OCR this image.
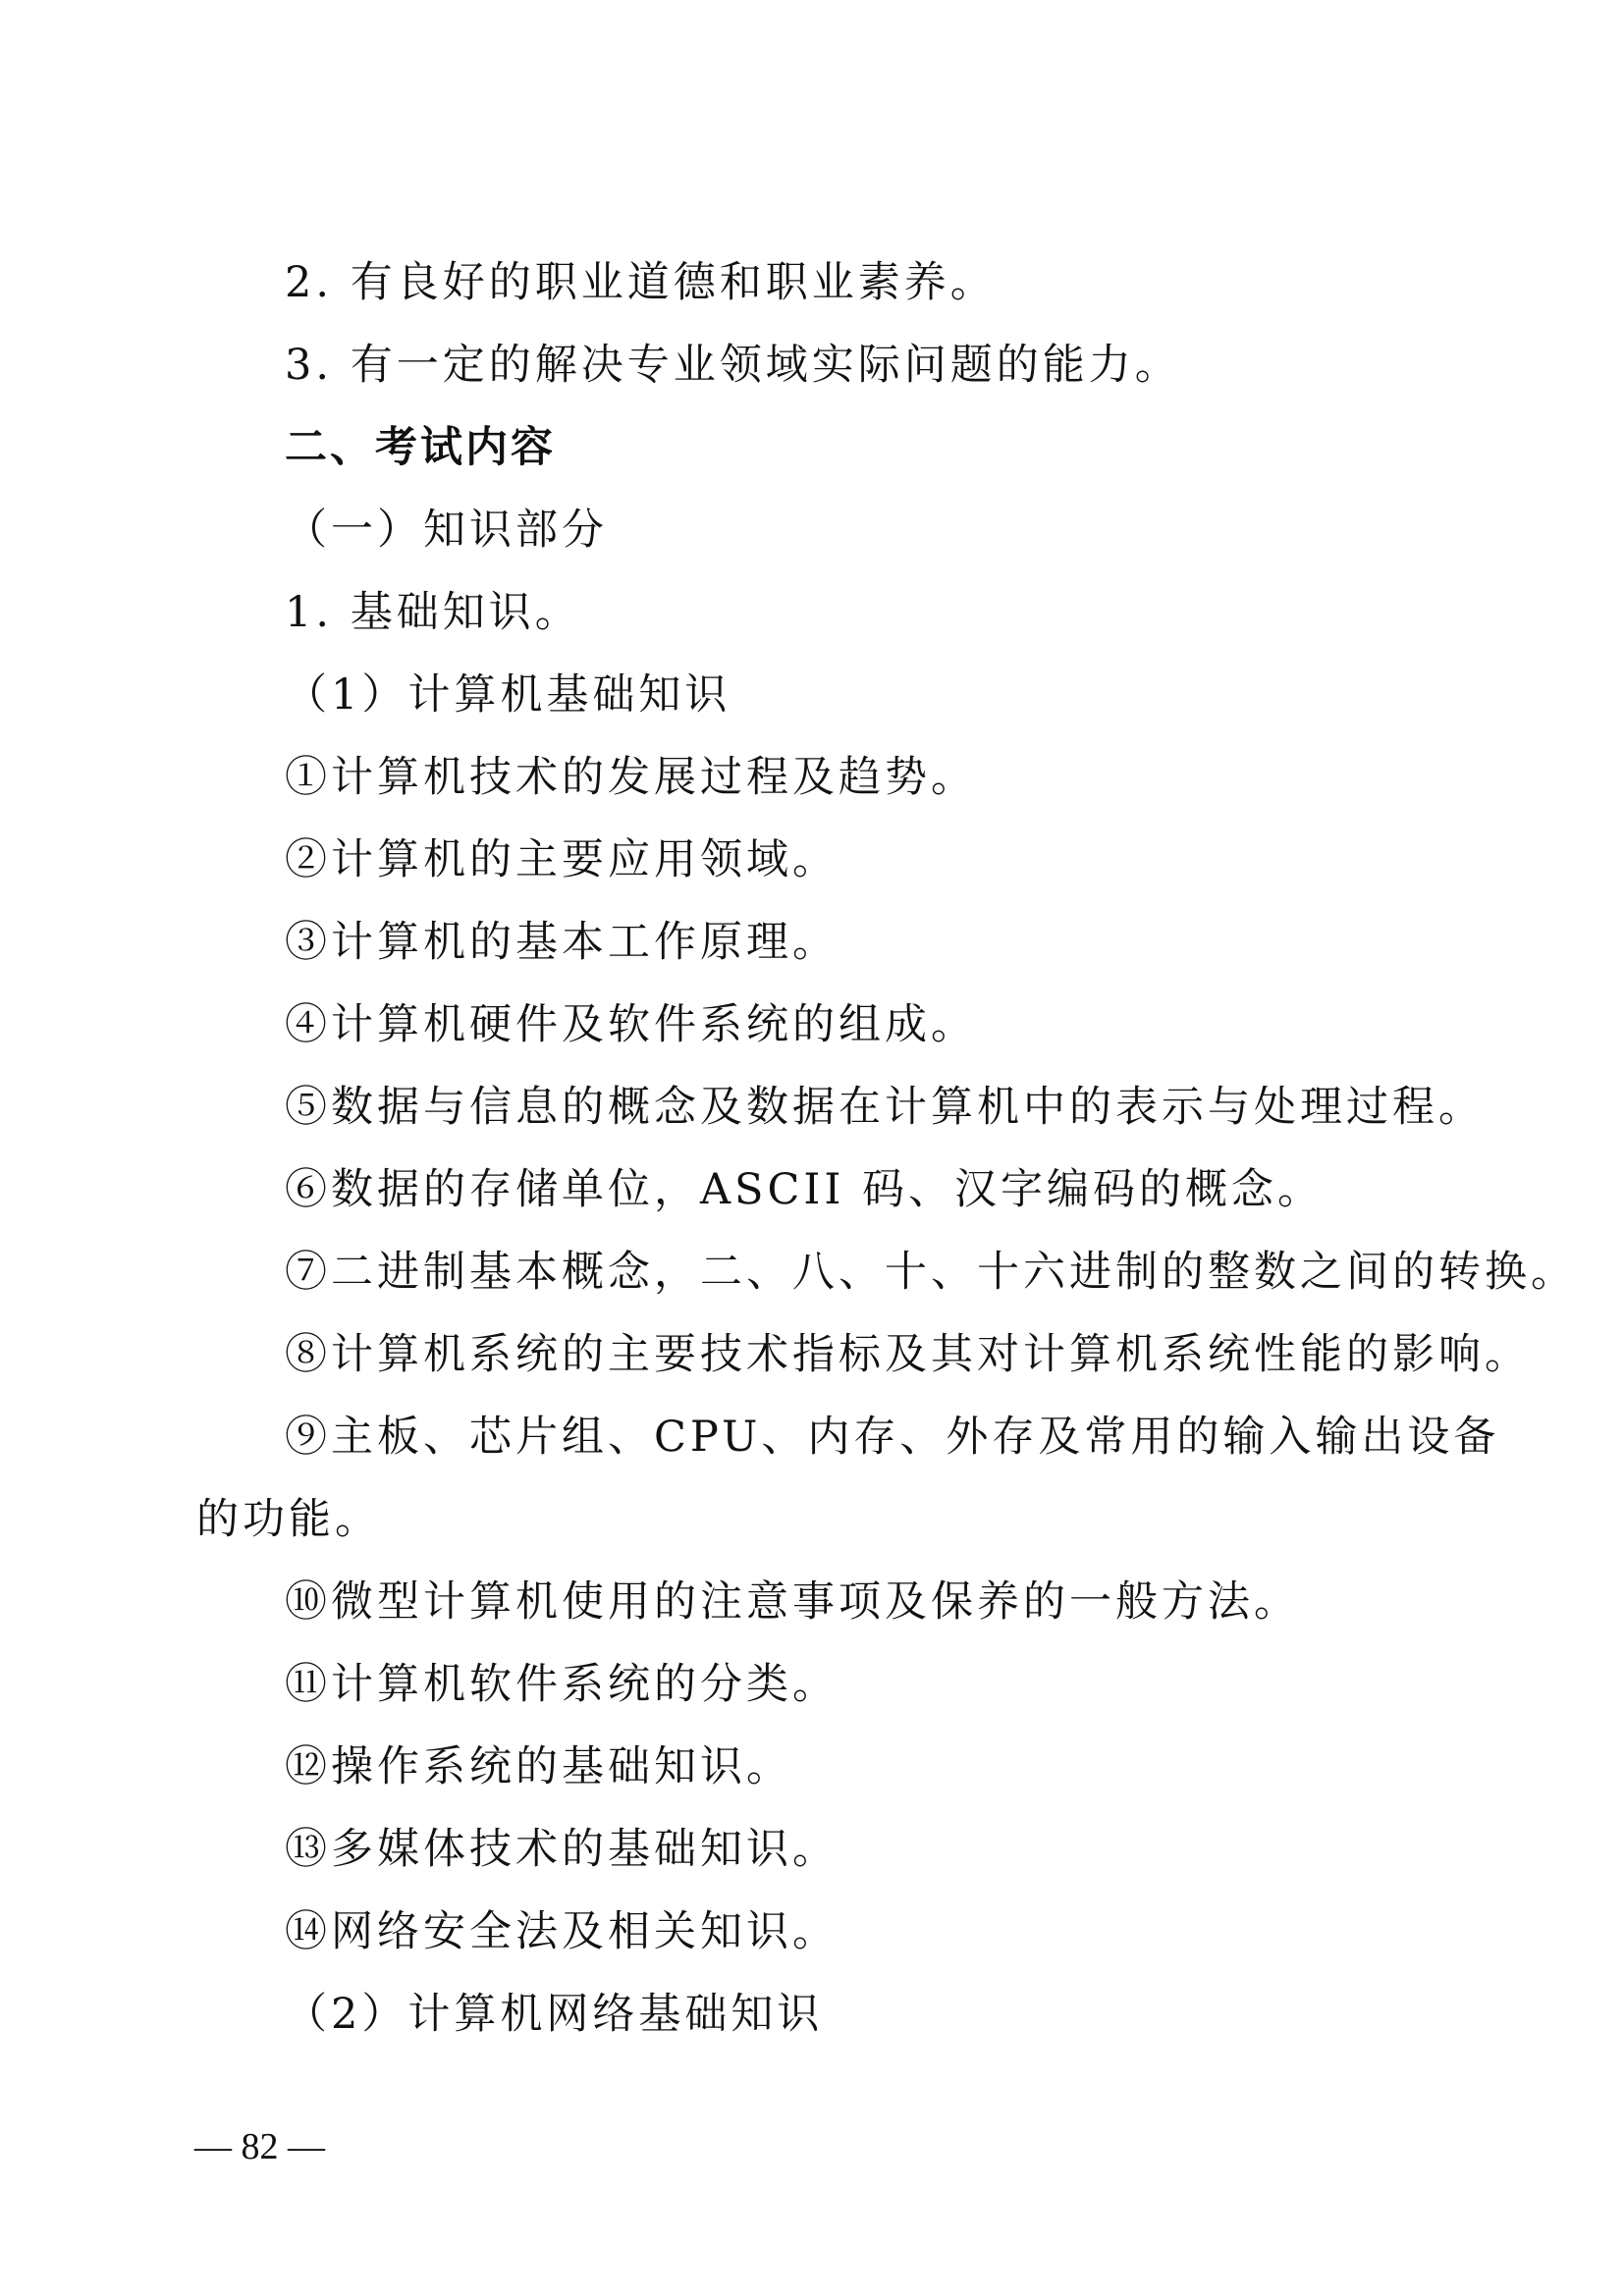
2. 有良好的职业道德和职业素养。
3. 有一定的解决专业领域实际问题的能力。
二、考试内容
（一）知识部分
1. 基础知识。
（1）计算机基础知识
①计算机技术的发展过程及趋势。
②计算机的主要应用领域。
③计算机的基本工作原理。
④计算机硬件及软件系统的组成。
⑤数据与信息的概念及数据在计算机中的表示与处理过程。
⑥数据的存储单位，ASCII 码、汉字编码的概念。
⑦二进制基本概念，二、八、十、十六进制的整数之间的转换。
⑧计算机系统的主要技术指标及其对计算机系统性能的影响。
⑨主板、芯片组、CPU、内存、外存及常用的输入输出设备
的功能。
⑩微型计算机使用的注意事项及保养的一般方法。
⑪计算机软件系统的分类。
⑫操作系统的基础知识。
⑬多媒体技术的基础知识。
⑭网络安全法及相关知识。
（2）计算机网络基础知识
— 82 —
